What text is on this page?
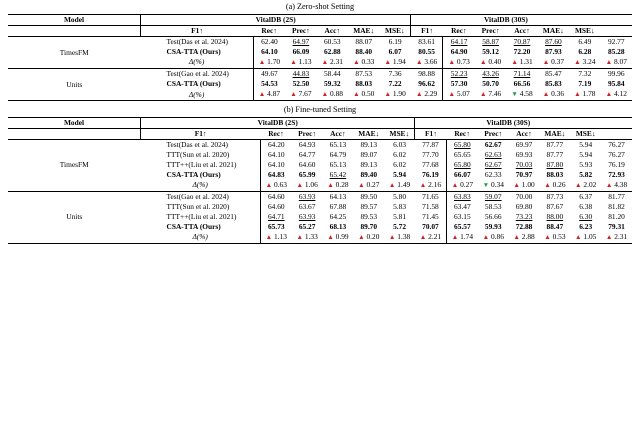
(a) Zero-shot Setting
Model	VitalDB (2S)						VitalDB (30S)						
	F1↑	Rec↑	Prec↑	Acc↑	MAE↓	MSE↓	F1↑	Rec↑	Prec↑	Acc↑	MAE↓	MSE↓	
TimesFM	Test(Das et al. 2024)	62.40	64.97	60.53	88.07	6.19	83.61	64.17	58.87	70.87	87.60	6.49	92.77
	CSA-TTA (Ours)	64.10	66.09	62.88	88.40	6.07	80.55	64.90	59.12	72.20	87.93	6.28	85.28
	Δ(%)	▲ 1.70	▲ 1.13	▲ 2.31	▲ 0.33	▲ 1.94	▲ 3.66	▲ 0.73	▲ 0.40	▲ 1.31	▲ 0.37	▲ 3.24	▲ 8.07
Units	Test(Gao et al. 2024)	49.67	44.83	58.44	87.53	7.36	98.88	52.23	43.26	71.14	85.47	7.32	99.96
	CSA-TTA (Ours)	54.53	52.50	59.32	88.03	7.22	96.62	57.30	50.70	66.56	85.83	7.19	95.84
	Δ(%)	▲ 4.87	▲ 7.67	▲ 0.88	▲ 0.50	▲ 1.90	▲ 2.29	▲ 5.07	▲ 7.46	▼ 4.58	▲ 0.36	▲ 1.78	▲ 4.12
(b) Fine-tuned Setting
Model	VitalDB (2S)						VitalDB (30S)						
	F1↑	Rec↑	Prec↑	Acc↑	MAE↓	MSE↓	F1↑	Rec↑	Prec↑	Acc↑	MAE↓	MSE↓	
TimesFM	Test(Das et al. 2024)	64.20	64.93	65.13	89.13	6.03	77.87	65.80	62.67	69.97	87.77	5.94	76.27
	TTT(Sun et al. 2020)	64.10	64.77	64.79	89.07	6.02	77.70	65.65	62.63	69.93	87.77	5.94	76.27
	TTT++(Liu et al. 2021)	64.10	64.60	65.13	89.13	6.02	77.68	65.80	62.67	70.03	87.80	5.93	76.19
	CSA-TTA (Ours)	64.83	65.99	65.42	89.40	5.94	76.19	66.07	62.33	70.97	88.03	5.82	72.93
	Δ(%)	▲ 0.63	▲ 1.06	▲ 0.28	▲ 0.27	▲ 1.49	▲ 2.16	▲ 0.27	▼ 0.34	▲ 1.00	▲ 0.26	▲ 2.02	▲ 4.38
Units	Test(Gao et al. 2024)	64.60	63.93	64.13	89.50	5.80	71.65	63.83	59.07	70.00	87.73	6.37	81.77
	TTT(Sun et al. 2020)	64.60	63.67	67.88	89.57	5.83	71.58	63.47	58.53	69.80	87.67	6.38	81.82
	TTT++(Liu et al. 2021)	64.71	63.93	64.25	89.53	5.81	71.45	63.15	56.66	73.23	88.00	6.30	81.20
	CSA-TTA (Ours)	65.73	65.27	68.13	89.70	5.72	70.07	65.57	59.93	72.88	88.47	6.23	79.31
	Δ(%)	▲ 1.13	▲ 1.33	▲ 0.99	▲ 0.20	▲ 1.38	▲ 2.21	▲ 1.74	▲ 0.86	▲ 2.88	▲ 0.53	▲ 1.05	▲ 2.31
